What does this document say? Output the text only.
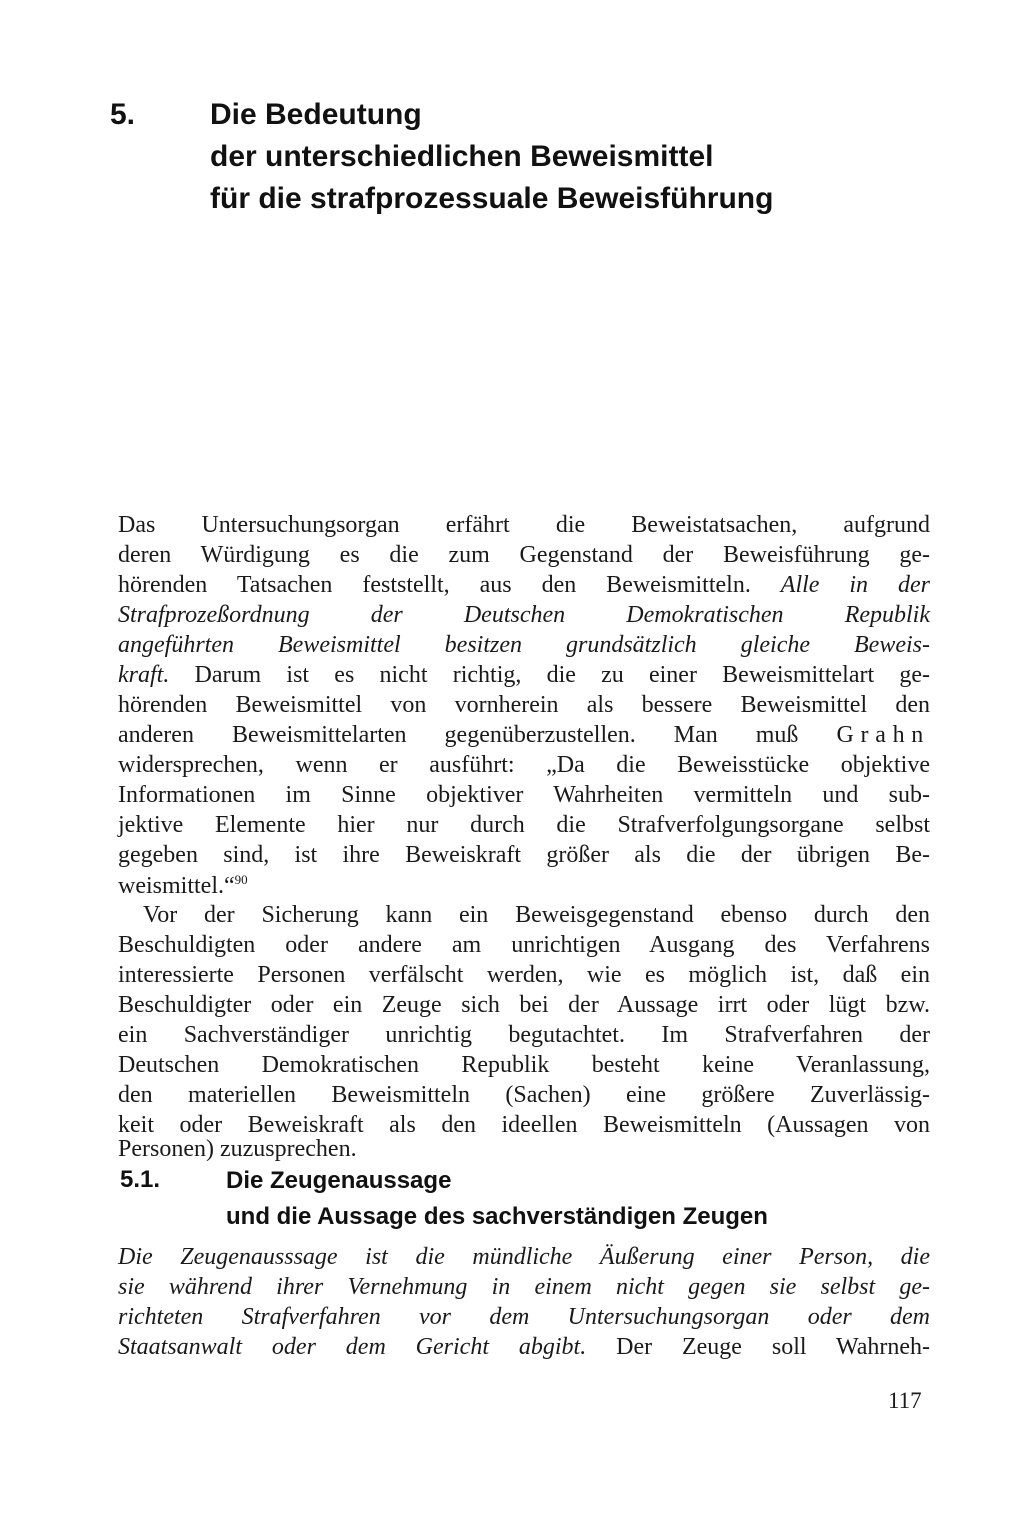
5. Die Bedeutung
der unterschiedlichen Beweismittel
für die strafprozessuale Beweisführung
Das Untersuchungsorgan erfährt die Beweistatsachen, aufgrund
deren Würdigung es die zum Gegenstand der Beweisführung ge-
hörenden Tatsachen feststellt, aus den Beweismitteln. Alle in der
Strafprozeßordnung der Deutschen Demokratischen Republik
angeführten Beweismittel besitzen grundsätzlich gleiche Beweis-
kraft. Darum ist es nicht richtig, die zu einer Beweismittelart ge-
hörenden Beweismittel von vornherein als bessere Beweismittel den
anderen Beweismittelarten gegenüberzustellen. Man muß Grahn
widersprechen, wenn er ausführt: „Da die Beweisstücke objektive
Informationen im Sinne objektiver Wahrheiten vermitteln und sub-
jektive Elemente hier nur durch die Strafverfolgungsorgane selbst
gegeben sind, ist ihre Beweiskraft größer als die der übrigen Be-
weismittel.“$^{90}$
Vor der Sicherung kann ein Beweisgegenstand ebenso durch den
Beschuldigten oder andere am unrichtigen Ausgang des Verfahrens
interessierte Personen verfälscht werden, wie es möglich ist, daß ein
Beschuldigter oder ein Zeuge sich bei der Aussage irrt oder lügt bzw.
ein Sachverständiger unrichtig begutachtet. Im Strafverfahren der
Deutschen Demokratischen Republik besteht keine Veranlassung,
den materiellen Beweismitteln (Sachen) eine größere Zuverlässig-
keit oder Beweiskraft als den ideellen Beweismitteln (Aussagen von
Personen) zuzusprechen.
5.1.	Die Zeugenaussage
und die Aussage des sachverständigen Zeugen
Die Zeugenausssage ist die mündliche Äußerung einer Person, die
sie während ihrer Vernehmung in einem nicht gegen sie selbst ge-
richteten Strafverfahren vor dem Untersuchungsorgan oder dem
Staatsanwalt oder dem Gericht abgibt. Der Zeuge soll Wahrneh-
117
